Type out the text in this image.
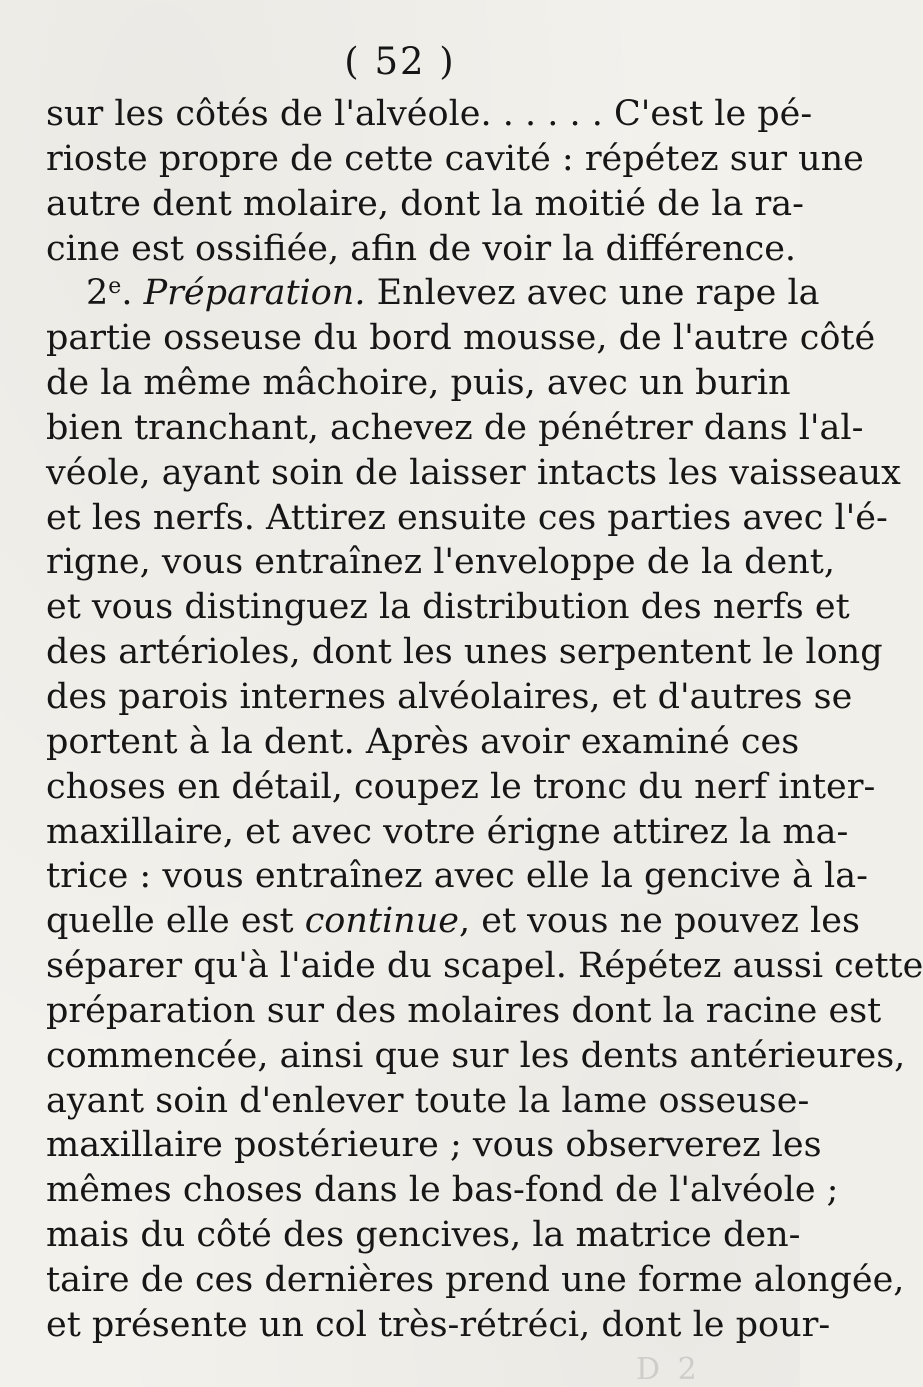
( 52 )
sur les côtés de l'alvéole. . . . . . C'est le pé-
rioste propre de cette cavité : répétez sur une
autre dent molaire, dont la moitié de la ra-
cine est ossifiée, afin de voir la différence.
2e. Préparation. Enlevez avec une rape la
partie osseuse du bord mousse, de l'autre côté
de la même mâchoire, puis, avec un burin
bien tranchant, achevez de pénétrer dans l'al-
véole, ayant soin de laisser intacts les vaisseaux
et les nerfs. Attirez ensuite ces parties avec l'é-
rigne, vous entraînez l'enveloppe de la dent,
et vous distinguez la distribution des nerfs et
des artérioles, dont les unes serpentent le long
des parois internes alvéolaires, et d'autres se
portent à la dent. Après avoir examiné ces
choses en détail, coupez le tronc du nerf inter-
maxillaire, et avec votre érigne attirez la ma-
trice : vous entraînez avec elle la gencive à la-
quelle elle est continue, et vous ne pouvez les
séparer qu'à l'aide du scapel. Répétez aussi cette
préparation sur des molaires dont la racine est
commencée, ainsi que sur les dents antérieures,
ayant soin d'enlever toute la lame osseuse-
maxillaire postérieure ; vous observerez les
mêmes choses dans le bas-fond de l'alvéole ;
mais du côté des gencives, la matrice den-
taire de ces dernières prend une forme alongée,
et présente un col très-rétréci, dont le pour-
D 2
